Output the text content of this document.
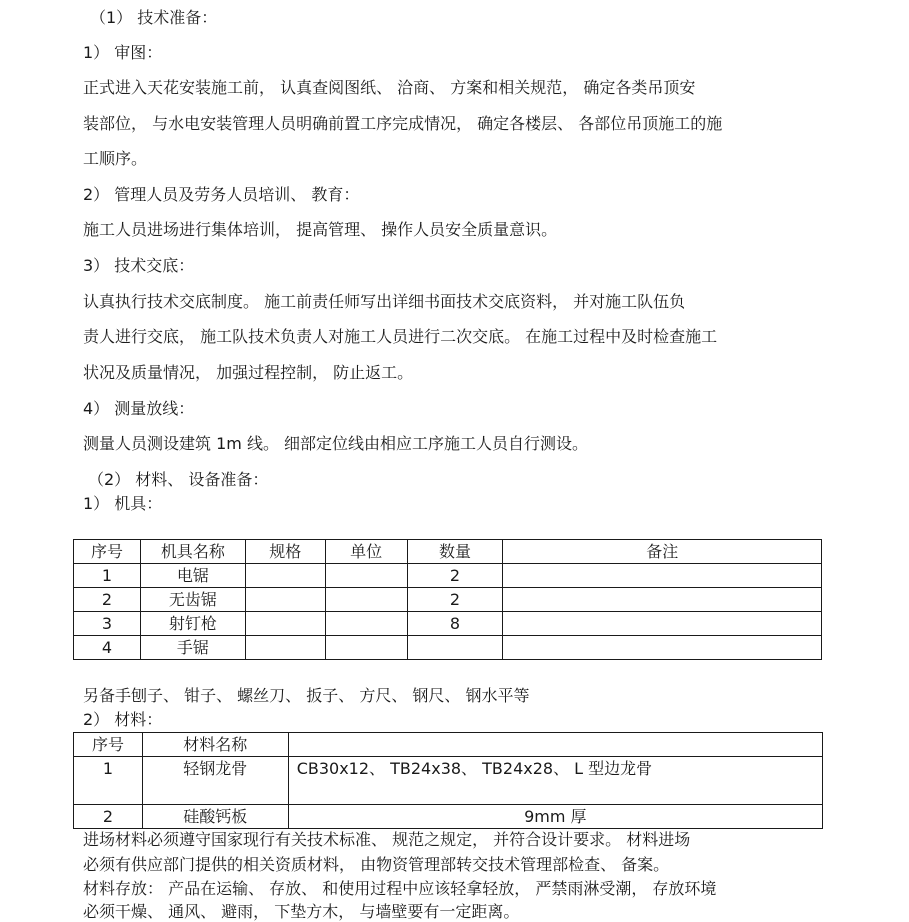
（1） 技术准备：
1） 审图：
正式进入天花安装施工前， 认真查阅图纸、 洽商、 方案和相关规范， 确定各类吊顶安
装部位， 与水电安装管理人员明确前置工序完成情况， 确定各楼层、 各部位吊顶施工的施
工顺序。
2） 管理人员及劳务人员培训、 教育：
施工人员进场进行集体培训， 提高管理、 操作人员安全质量意识。
3） 技术交底：
认真执行技术交底制度。 施工前责任师写出详细书面技术交底资料， 并对施工队伍负
责人进行交底， 施工队技术负责人对施工人员进行二次交底。 在施工过程中及时检查施工
状况及质量情况， 加强过程控制， 防止返工。
4） 测量放线：
测量人员测设建筑 1m 线。 细部定位线由相应工序施工人员自行测设。
（2） 材料、 设备准备：
1） 机具：
序号	机具名称	规格	单位	数量	备注
1	电锯			2	
2	无齿锯			2	
3	射钉枪			8	
4	手锯				
另备手刨子、 钳子、 螺丝刀、 扳子、 方尺、 钢尺、 钢水平等
2） 材料：
序号	材料名称	
1	轻钢龙骨	CB30x12、 TB24x38、 TB24x28、 L 型边龙骨
2	硅酸钙板	9mm 厚
进场材料必须遵守国家现行有关技术标准、 规范之规定， 并符合设计要求。 材料进场
必须有供应部门提供的相关资质材料， 由物资管理部转交技术管理部检查、 备案。
材料存放： 产品在运输、 存放、 和使用过程中应该轻拿轻放， 严禁雨淋受潮， 存放环境
必须干燥、 通风、 避雨， 下垫方木， 与墙壁要有一定距离。
